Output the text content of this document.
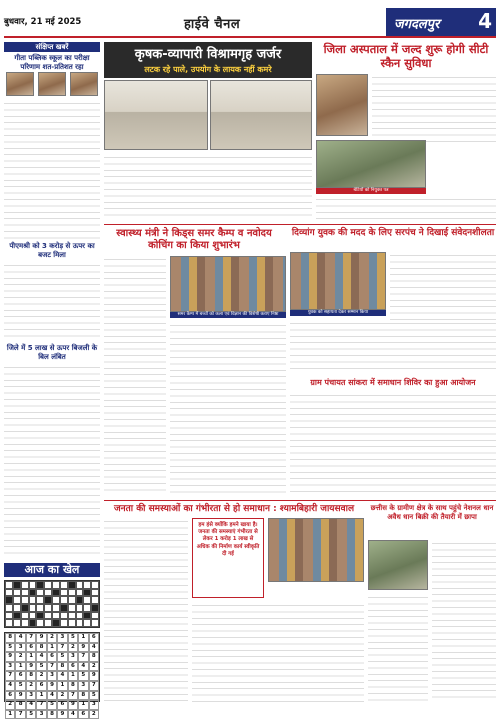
बुधवार, 21 मई 2025	हाईवे चैनल	जगदलपुर 4
संक्षिप्त खबरें
गीता पब्लिक स्कूल का परीक्षा परिणाम शत-प्रतिशत रहा
पीएमश्री को 3 करोड़ से ऊपर का बजट मिला
जिले में 5 लाख से ऊपर बिजली के बिल लंबित
आज का खेल
8	4	7	9	2	3	5	1	6
5	3	6	8	1	7	2	9	4
9	2	1	4	6	5	3	7	8
3	1	9	5	7	8	6	4	2
7	6	8	2	3	4	1	5	9
4	5	2	6	9	1	8	3	7
6	9	3	1	4	2	7	8	5
2	8	4	7	5	6	9	1	3
1	7	5	3	8	9	4	6	2
कृषक-व्यापारी विश्रामगृह जर्जर
लटक रहे पाले, उपयोग के लायक नहीं कमरे
जिला अस्पताल में जल्द शुरू होगी सीटी स्कैन सुविधा
बेटियों को नियुक्त पत्र
स्वास्थ्य मंत्री ने किड्स समर कैम्प व नवोदय कोचिंग का किया शुभारंभ
समर कैम्प में बच्चों को कला एवं विज्ञान की विशेषी कराए निष्ठा
दिव्यांग युवक की मदद के लिए सरपंच ने दिखाई संवेदनशीलता
युवक को सहायता देकर सम्मान किया
ग्राम पंचायत सांकरा में समाधान शिविर का हुआ आयोजन
जनता की समस्याओं का गंभीरता से हो समाधान : श्यामबिहारी जायसवाल
हम हंसे क्योंकि हमने खाया है। जनता की समस्याएं गंभीरता से लेकर 1 करोड़ 1 लाख से अधिक की निर्माण कार्य स्वीकृति दी गई
छत्तीस के ग्रामीण क्षेत्र के साथ पहुंचे नेशनल धान अवैध धान बिक्री की तैयारी में छापा
